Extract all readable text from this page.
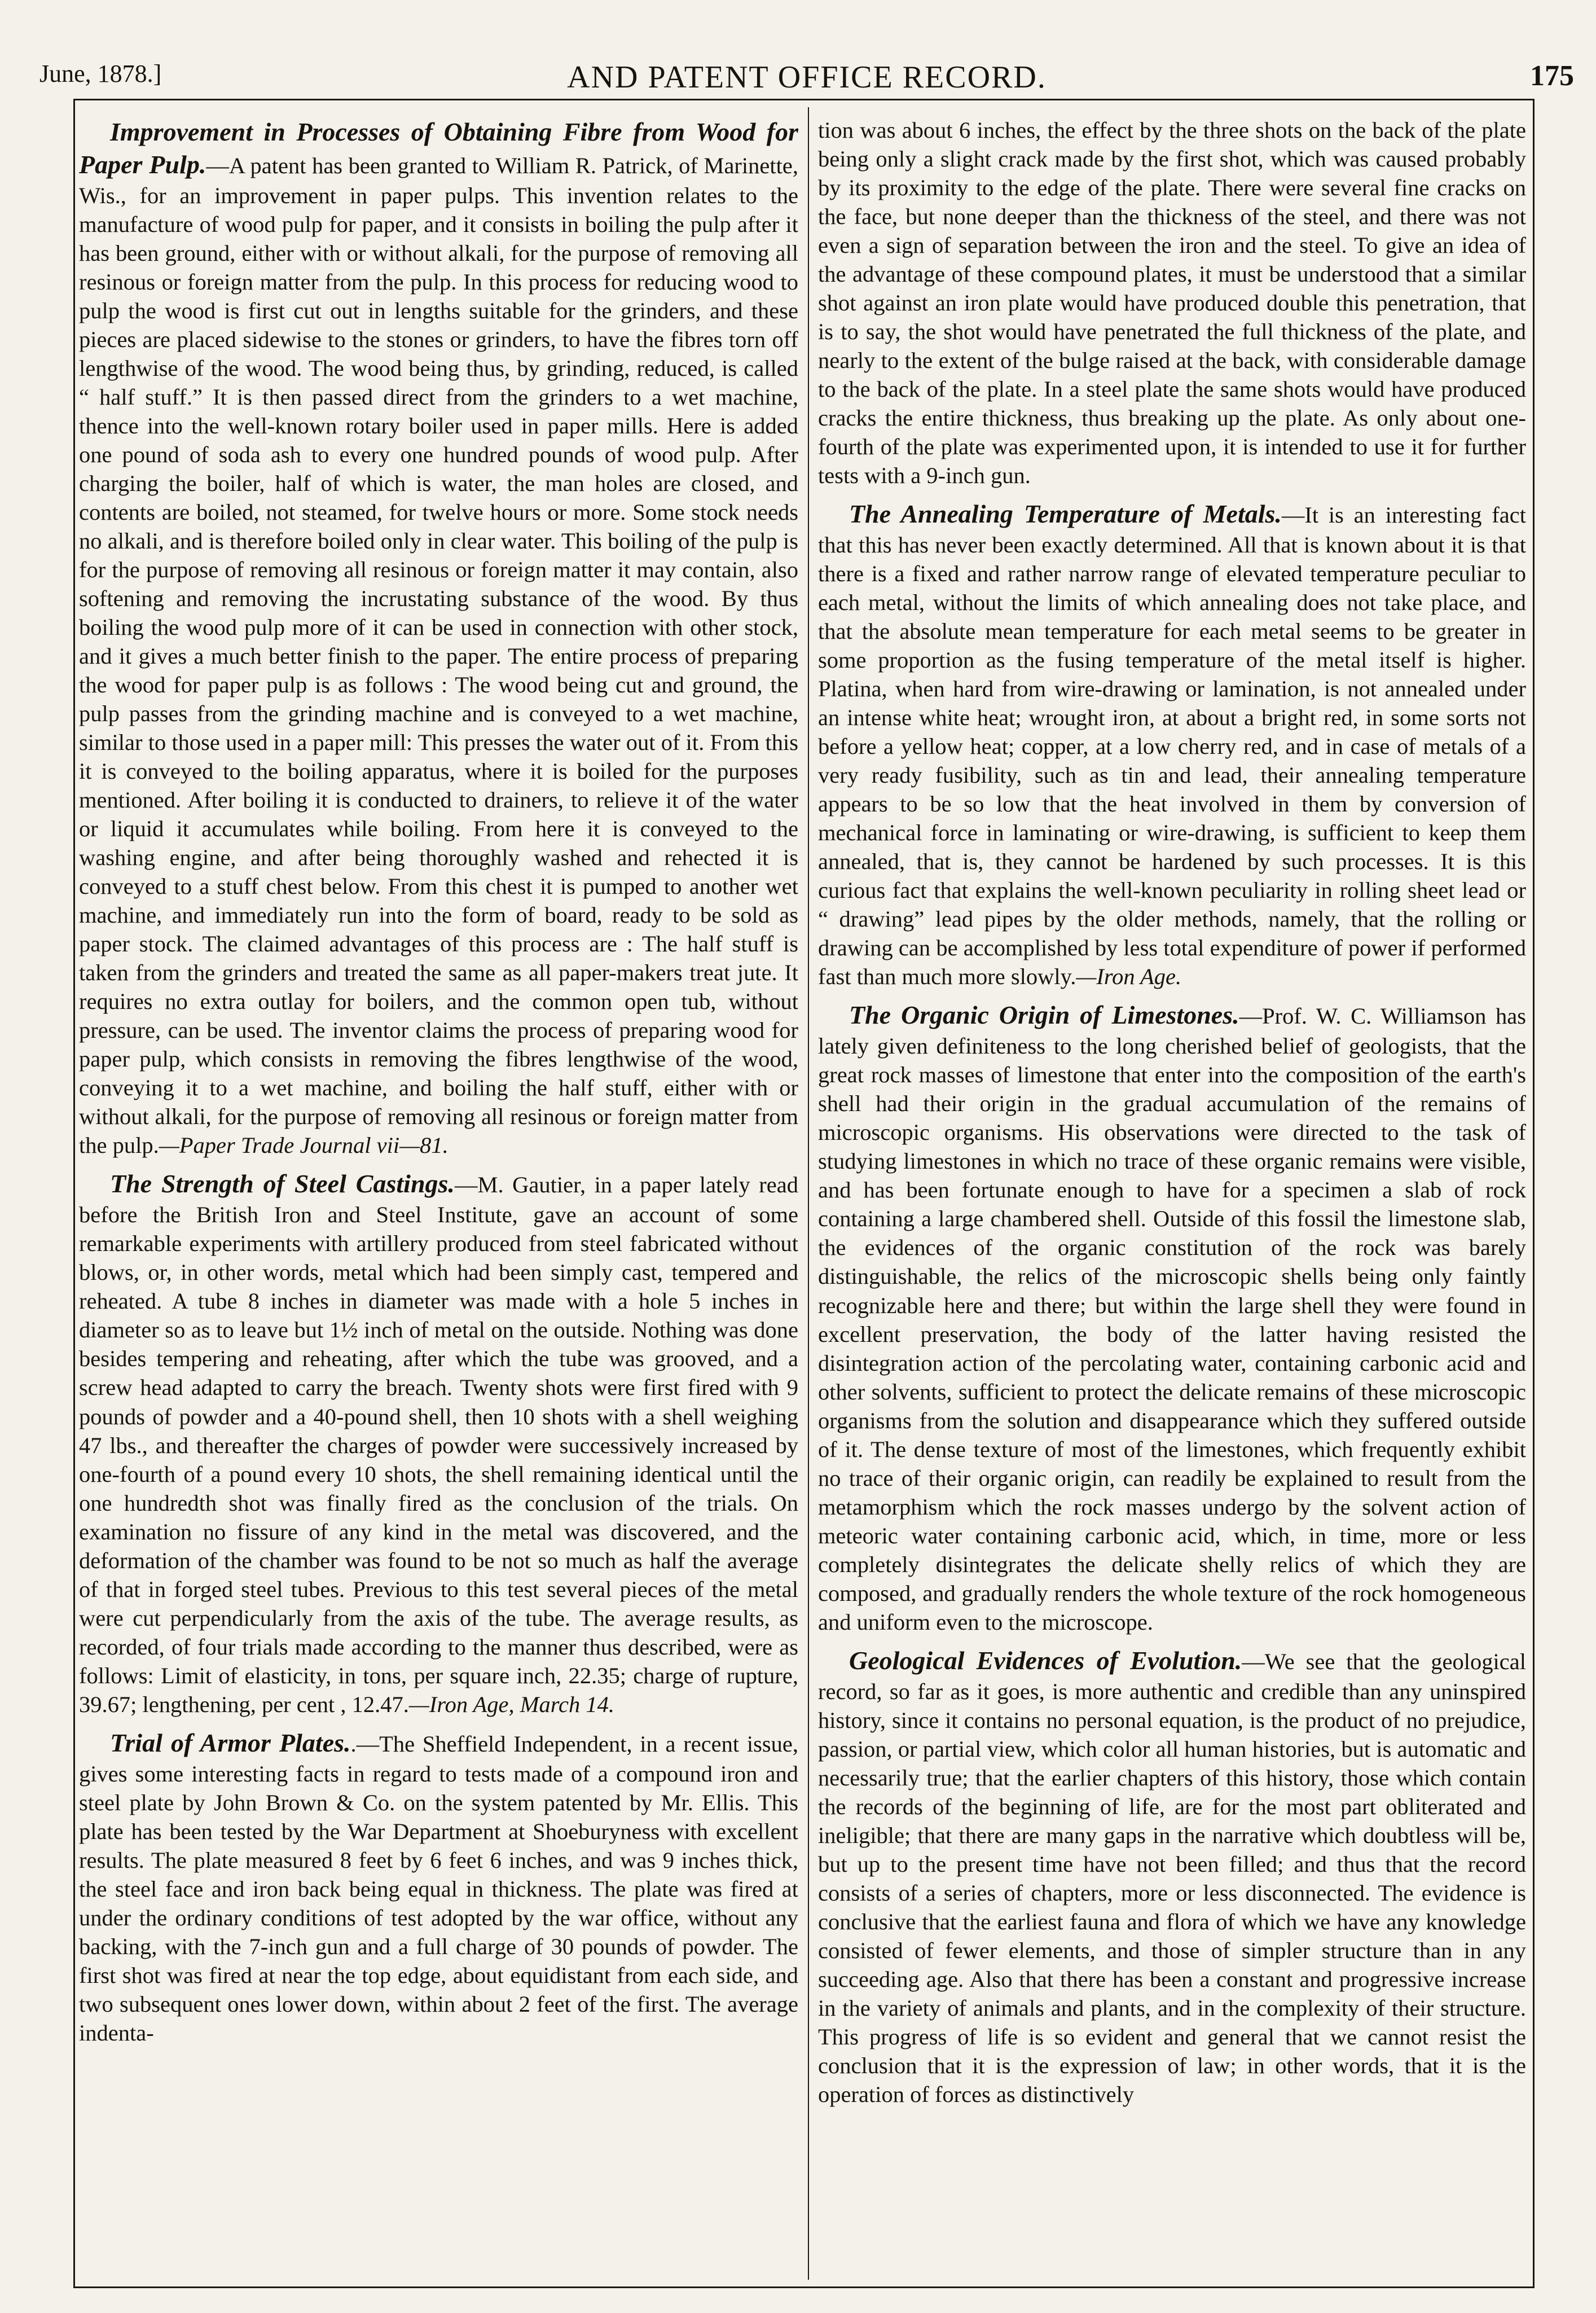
June, 1878.]	AND PATENT OFFICE RECORD.	175

Improvement in Processes of Obtaining Fibre from Wood for Paper Pulp.—A patent has been granted to William R. Patrick, of Marinette, Wis., for an improvement in paper pulps. This invention relates to the manufacture of wood pulp for paper, and it consists in boiling the pulp after it has been ground, either with or without alkali, for the purpose of removing all resinous or foreign matter from the pulp. In this process for reducing wood to pulp the wood is first cut out in lengths suitable for the grinders, and these pieces are placed sidewise to the stones or grinders, to have the fibres torn off lengthwise of the wood. The wood being thus, by grinding, reduced, is called “ half stuff.” It is then passed direct from the grinders to a wet machine, thence into the well-known rotary boiler used in paper mills. Here is added one pound of soda ash to every one hundred pounds of wood pulp. After charging the boiler, half of which is water, the man holes are closed, and contents are boiled, not steamed, for twelve hours or more. Some stock needs no alkali, and is therefore boiled only in clear water. This boiling of the pulp is for the purpose of removing all resinous or foreign matter it may contain, also softening and removing the incrustating substance of the wood. By thus boiling the wood pulp more of it can be used in connection with other stock, and it gives a much better finish to the paper. The entire process of preparing the wood for paper pulp is as follows : The wood being cut and ground, the pulp passes from the grinding machine and is conveyed to a wet machine, similar to those used in a paper mill: This presses the water out of it. From this it is conveyed to the boiling apparatus, where it is boiled for the purposes mentioned. After boiling it is conducted to drainers, to relieve it of the water or liquid it accumulates while boiling. From here it is conveyed to the washing engine, and after being thoroughly washed and rehected it is conveyed to a stuff chest below. From this chest it is pumped to another wet machine, and immediately run into the form of board, ready to be sold as paper stock. The claimed advantages of this process are : The half stuff is taken from the grinders and treated the same as all paper-makers treat jute. It requires no extra outlay for boilers, and the common open tub, without pressure, can be used. The inventor claims the process of preparing wood for paper pulp, which consists in removing the fibres lengthwise of the wood, conveying it to a wet machine, and boiling the half stuff, either with or without alkali, for the purpose of removing all resinous or foreign matter from the pulp.—Paper Trade Journal vii—81.

The Strength of Steel Castings.—M. Gautier, in a paper lately read before the British Iron and Steel Institute, gave an account of some remarkable experiments with artillery produced from steel fabricated without blows, or, in other words, metal which had been simply cast, tempered and reheated. A tube 8 inches in diameter was made with a hole 5 inches in diameter so as to leave but 1½ inch of metal on the outside. Nothing was done besides tempering and reheating, after which the tube was grooved, and a screw head adapted to carry the breach. Twenty shots were first fired with 9 pounds of powder and a 40-pound shell, then 10 shots with a shell weighing 47 lbs., and thereafter the charges of powder were successively increased by one-fourth of a pound every 10 shots, the shell remaining identical until the one hundredth shot was finally fired as the conclusion of the trials. On examination no fissure of any kind in the metal was discovered, and the deformation of the chamber was found to be not so much as half the average of that in forged steel tubes. Previous to this test several pieces of the metal were cut perpendicularly from the axis of the tube. The average results, as recorded, of four trials made according to the manner thus described, were as follows: Limit of elasticity, in tons, per square inch, 22.35; charge of rupture, 39.67; lengthening, per cent , 12.47.—Iron Age, March 14.

Trial of Armor Plates..—The Sheffield Independent, in a recent issue, gives some interesting facts in regard to tests made of a compound iron and steel plate by John Brown & Co. on the system patented by Mr. Ellis. This plate has been tested by the War Department at Shoeburyness with excellent results. The plate measured 8 feet by 6 feet 6 inches, and was 9 inches thick, the steel face and iron back being equal in thickness. The plate was fired at under the ordinary conditions of test adopted by the war office, without any backing, with the 7-inch gun and a full charge of 30 pounds of powder. The first shot was fired at near the top edge, about equidistant from each side, and two subsequent ones lower down, within about 2 feet of the first. The average indenta-

tion was about 6 inches, the effect by the three shots on the back of the plate being only a slight crack made by the first shot, which was caused probably by its proximity to the edge of the plate. There were several fine cracks on the face, but none deeper than the thickness of the steel, and there was not even a sign of separation between the iron and the steel. To give an idea of the advantage of these compound plates, it must be understood that a similar shot against an iron plate would have produced double this penetration, that is to say, the shot would have penetrated the full thickness of the plate, and nearly to the extent of the bulge raised at the back, with considerable damage to the back of the plate. In a steel plate the same shots would have produced cracks the entire thickness, thus breaking up the plate. As only about one-fourth of the plate was experimented upon, it is intended to use it for further tests with a 9-inch gun.

The Annealing Temperature of Metals.—It is an interesting fact that this has never been exactly determined. All that is known about it is that there is a fixed and rather narrow range of elevated temperature peculiar to each metal, without the limits of which annealing does not take place, and that the absolute mean temperature for each metal seems to be greater in some proportion as the fusing temperature of the metal itself is higher. Platina, when hard from wire-drawing or lamination, is not annealed under an intense white heat; wrought iron, at about a bright red, in some sorts not before a yellow heat; copper, at a low cherry red, and in case of metals of a very ready fusibility, such as tin and lead, their annealing temperature appears to be so low that the heat involved in them by conversion of mechanical force in laminating or wire-drawing, is sufficient to keep them annealed, that is, they cannot be hardened by such processes. It is this curious fact that explains the well-known peculiarity in rolling sheet lead or “ drawing” lead pipes by the older methods, namely, that the rolling or drawing can be accomplished by less total expenditure of power if performed fast than much more slowly.—Iron Age.

The Organic Origin of Limestones.—Prof. W. C. Williamson has lately given definiteness to the long cherished belief of geologists, that the great rock masses of limestone that enter into the composition of the earth's shell had their origin in the gradual accumulation of the remains of microscopic organisms. His observations were directed to the task of studying limestones in which no trace of these organic remains were visible, and has been fortunate enough to have for a specimen a slab of rock containing a large chambered shell. Outside of this fossil the limestone slab, the evidences of the organic constitution of the rock was barely distinguishable, the relics of the microscopic shells being only faintly recognizable here and there; but within the large shell they were found in excellent preservation, the body of the latter having resisted the disintegration action of the percolating water, containing carbonic acid and other solvents, sufficient to protect the delicate remains of these microscopic organisms from the solution and disappearance which they suffered outside of it. The dense texture of most of the limestones, which frequently exhibit no trace of their organic origin, can readily be explained to result from the metamorphism which the rock masses undergo by the solvent action of meteoric water containing carbonic acid, which, in time, more or less completely disintegrates the delicate shelly relics of which they are composed, and gradually renders the whole texture of the rock homogeneous and uniform even to the microscope.

Geological Evidences of Evolution.—We see that the geological record, so far as it goes, is more authentic and credible than any uninspired history, since it contains no personal equation, is the product of no prejudice, passion, or partial view, which color all human histories, but is automatic and necessarily true; that the earlier chapters of this history, those which contain the records of the beginning of life, are for the most part obliterated and ineligible; that there are many gaps in the narrative which doubtless will be, but up to the present time have not been filled; and thus that the record consists of a series of chapters, more or less disconnected. The evidence is conclusive that the earliest fauna and flora of which we have any knowledge consisted of fewer elements, and those of simpler structure than in any succeeding age. Also that there has been a constant and progressive increase in the variety of animals and plants, and in the complexity of their structure. This progress of life is so evident and general that we cannot resist the conclusion that it is the expression of law; in other words, that it is the operation of forces as distinctively
